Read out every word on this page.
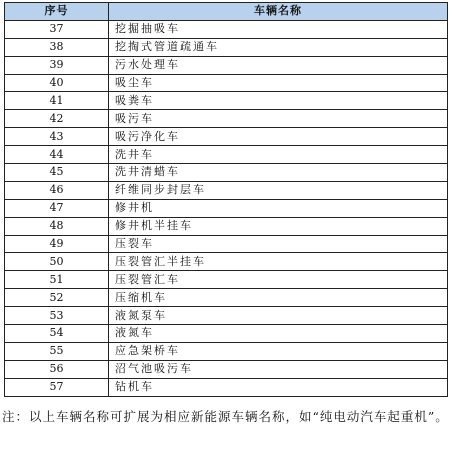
序号	车辆名称
37	挖掘抽吸车
38	挖掏式管道疏通车
39	污水处理车
40	吸尘车
41	吸粪车
42	吸污车
43	吸污净化车
44	洗井车
45	洗井清蜡车
46	纤维同步封层车
47	修井机
48	修井机半挂车
49	压裂车
50	压裂管汇半挂车
51	压裂管汇车
52	压缩机车
53	液氮泵车
54	液氮车
55	应急架桥车
56	沼气池吸污车
57	钻机车
注：以上车辆名称可扩展为相应新能源车辆名称，如“纯电动汽车起重机”。
